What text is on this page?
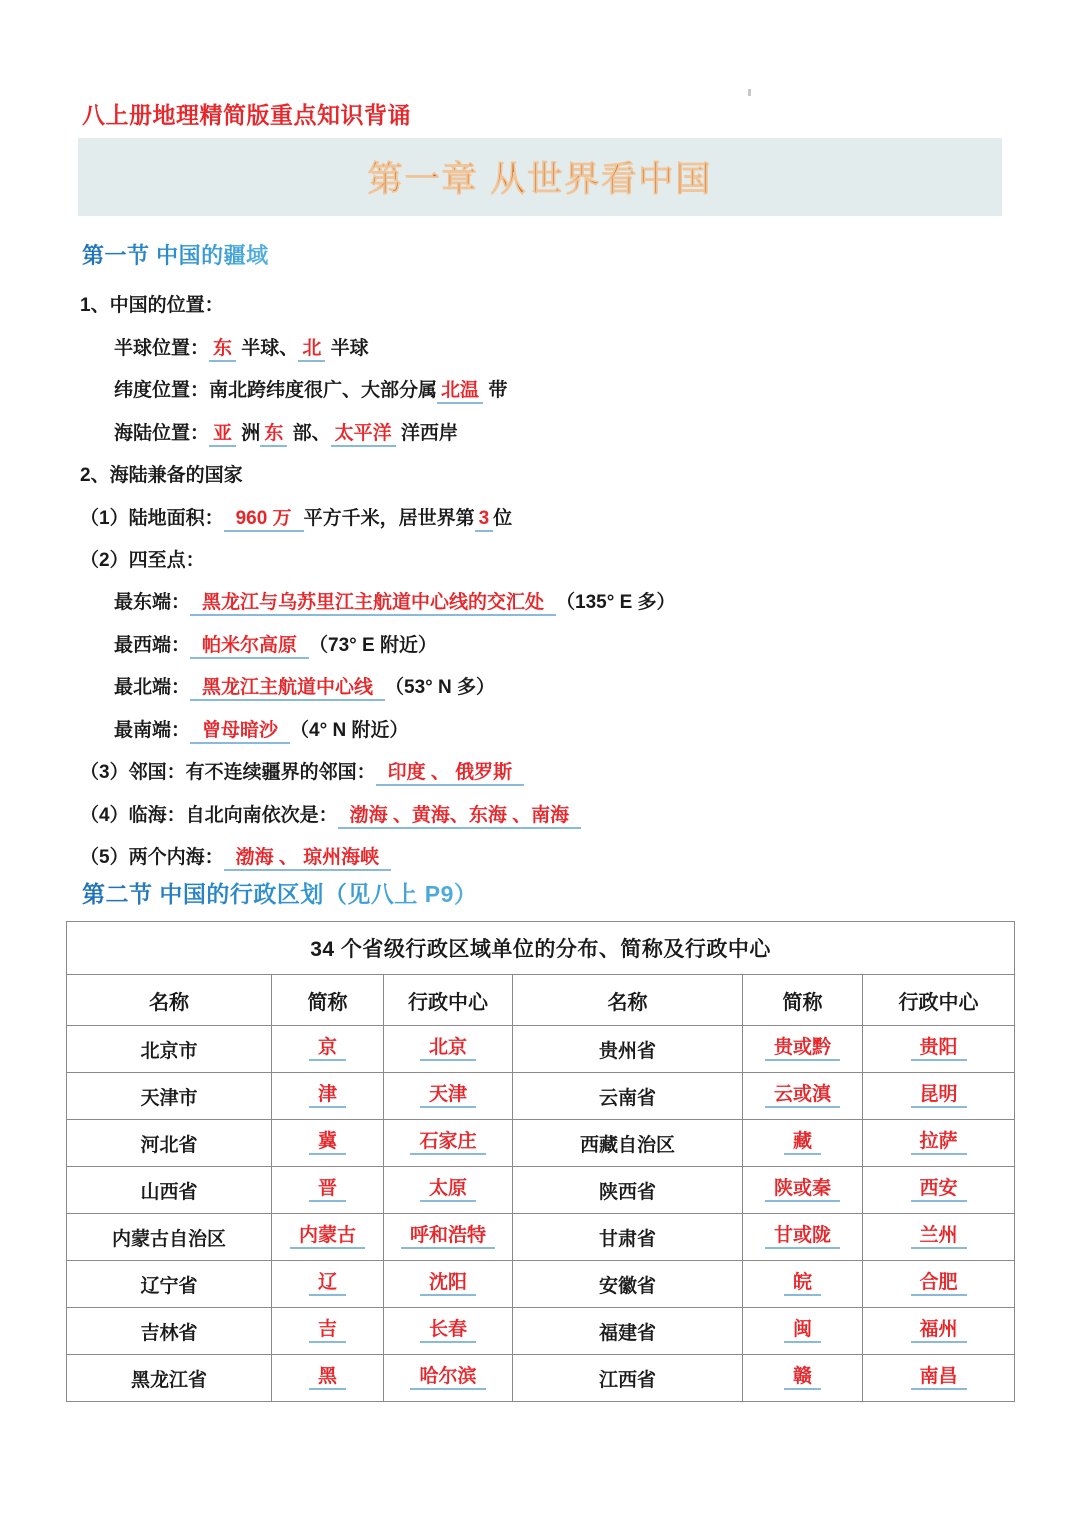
八上册地理精简版重点知识背诵
第一章 从世界看中国
第一节 中国的疆域
1、中国的位置：
半球位置： 东 半球、 北 半球
纬度位置：南北跨纬度很广、大部分属 北温 带
海陆位置： 亚 洲 东 部、 太平洋 洋西岸
2、海陆兼备的国家
（1）陆地面积： 960 万 平方千米，居世界第 3 位
（2）四至点：
最东端： 黑龙江与乌苏里江主航道中心线的交汇处 （135° E 多）
最西端： 帕米尔高原 （73° E 附近）
最北端： 黑龙江主航道中心线 （53° N 多）
最南端： 曾母暗沙 （4° N 附近）
（3）邻国：有不连续疆界的邻国： 印度 、 俄罗斯
（4）临海：自北向南依次是： 渤海 、黄海、东海 、南海
（5）两个内海： 渤海 、 琼州海峡
第二节 中国的行政区划（见八上 P9）
34 个省级行政区域单位的分布、简称及行政中心					
名称	简称	行政中心	名称	简称	行政中心
北京市	京	北京	贵州省	贵或黔	贵阳
天津市	津	天津	云南省	云或滇	昆明
河北省	冀	石家庄	西藏自治区	藏	拉萨
山西省	晋	太原	陕西省	陕或秦	西安
内蒙古自治区	内蒙古	呼和浩特	甘肃省	甘或陇	兰州
辽宁省	辽	沈阳	安徽省	皖	合肥
吉林省	吉	长春	福建省	闽	福州
黑龙江省	黑	哈尔滨	江西省	赣	南昌
